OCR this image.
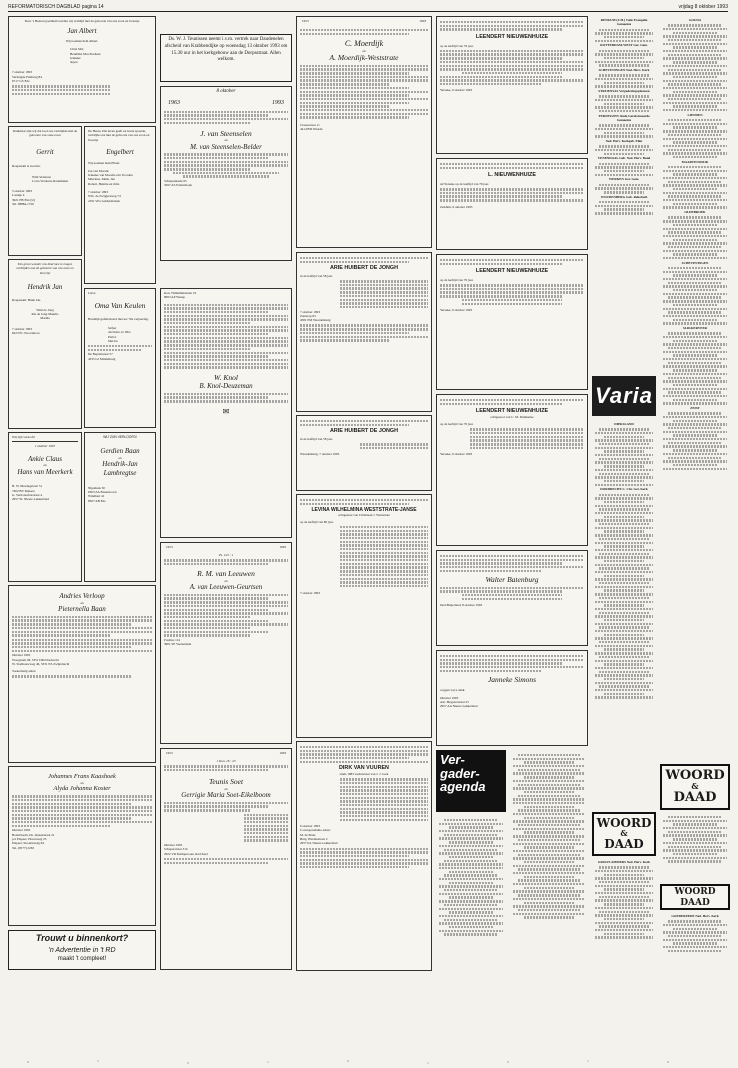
REFORMATORISCH DAGBLAD pagina 14	vrijdag 8 oktober 1993
Door 's Heeren goedheid werden wij verblijd met de geboorte van ons zoon en broertje
Jan Albert
Wij noemen hem Albert.
Chris Mol
Hendrika Mol-Poellees
Jenneke
Arjen
7 oktober 1993
Verlengde Fuldweg 84
6717 GS Ede
Dankbaar zijn wij dat God ons verblijdde met de geboorte van onze zoon
Gerrit
Roepnaam is Gerwin.
Wim Verdouw
Corra Verdouw-Rademaker
5 oktober 1993
Laantje 4
3921 EB Elst (U)
Tel. 08884-1726
Een groot wonder ons kind mee te mogen verblijden met de geboorte van ons zoon en broertje
Hendrik Jan
Roepnaam: Henk Jan.
Wim de Jong
Ria de Jong-Maurits
Martha
7 oktober 1993
6223 PC Noordeloos
Wij zijn verloofd
1 oktober 1993
Ankie Claus
en
Hans van Meerkerk
H. W. Mesdagstraat 51
7462 BV Rijssen
G. Verdonschotstraat 4
2957 SL Nieuw-Lekkerland
Andries Verloop
en
Pieternella Baan
Oktober 1993
Woogstam 28, 3351 DM Dordrecht
W. Stadhouwweg 46, 3331 EZ Zwijndrecht
Toekomstig adres:
Johannes Frans Kaashoek
en
Alyda Johanna Koster
Oktober 1993
Boterbloem, Ds. Jansenstraat 21
p/a Elspeet, Hoeveweg 23
Elspeet, Stroeërweeg 64
Tel. (0577) 2263
Trouwt u binnenkort?
'n Advertentie in 't RD
maakt 't compleet!
De Heere, Die leven geeft en leven spaarde, verblijde ons met de geboorte van ons zoon en broertje
Engelbert
Wij noemen hem Elbert.
Jan van Moorik
Jenneke van Moorik-van Voorden
Marrinus, Mark, Jan
Robert, Heintie en Julie
7 oktober 1993
Wtb. de Zwijgersweg 74
4191 WG Geldermalsen
Lieve
Oma Van Keulen
Hartelijk gefeliciteerd met uw 70e verjaardag.
Stefan
Jacobien en Wim
Pietra
Marion
De Baptistrenat 57
4335 GJ Middelburg
WIJ ZIJN VERLOOFD!
Gerdien Baan
en
Hendrik-Jan Lambregtse
Nijenhuis 30
6303 ZA Ennenzoord
Windhart 41
8307 AB Ens
Ds. W. J. Teunissen neemt i.v.m. vertrek naar Daudenelen afscheid van Krabbendijke op woensdag 13 oktober 1993 om 15.30 uur in het kerkgebouw aan de Dorpsstraat. Allen welkom.
8 oktober
1963	1993
J. van Steenselen
en
M. van Steenselen-Belder
Scherpenkade 65
3297 AS Puttershoek
Ken. Wilhelminalaan 19
8093 AP Wezep
W. Knol
B. Knol-Deuzeman
✉
1953	1993
Ps. 125 : 1
R. M. van Leeuwen
en
A. van Leeuwen-Geurtsen
Postbus 114
3901 SE Veenendaal
1953	1993
1 Kon. 16 : 23
Teunis Soet
en
Gerrigie Maria Soet-Eikelboom
Oktober 1993
Scheperstraat 31b
2922 VR Krimpen aan den IJssel
1953	1993
C. Moerdijk
en
A. Moerdijk-Weststrate
Classestraat 11
4414 BD Waarde
ARIE HUIBERT DE JONGH
in de leeftijd van 58 jaar.
7 oktober 1993
Zanstrap 63
4581 PM Waardenburg
ARIE HUIBERT DE JONGH
in de leeftijd van 58 jaar.
Waardenburg, 7 oktober 1993
LEVINA WILHELMINA WESTSTRATE-JANSE
echtgenote van Christiaan J. Weststrate
op de leeftijd van 80 jaar.
7 oktober 1993
DIRK VAN VUUREN
sinds 1983 weduwnaar van J. J. Gaal
6 oktober 1993
Correspondentie-adres:
M. de Bode
Burg. Hardenstraat 2
2957 KL Nieuw-Lekkerland
LEENDERT NIEUWENHUIZE
op de leeftijd van 76 jaar.
Yerseke, 6 oktober 1993
L. NIEUWENHUIZE
uit Yerseke op de leeftijd van 76 jaar.
Zeddam, 6 oktober 1993
LEENDERT NIEUWENHUIZE
op de leeftijd van 76 jaar.
Yerseke, 6 oktober 1993
LEENDERT NIEUWENHUIZE
echtgenoot van C. M. Duinkerke
op de leeftijd van 76 jaar.
Yerseke, 6 oktober 1993
Walter Batenburg
Oud-Beijerland, 8 oktober 1993
Janneke Simons
ooggen wij u dank.
Oktober 1993
Adr. Heypersstraat 25
2957 AA Nieuw-Lekkerland
Ver-
gader-
agenda
RENKUM (Z.H.) Volle Evangelie Gemeente
ROTTERDAM-WEST Ger. Gem.
SCHEVENINGEN Ned. Herv. Kerk
STRIJENSAS Vergaderingsplaatsen
TERNEUZEN Oude Gereformeerde Gemeente
Ned. Herv. Kerkgeb. Elim
VENENDAAL Geb. Ned. Herv. Bond
WERKEN Ger. Gem.
WOUDENBERG Geb. Rehoboth
Varia
DIEKSLAND
DORDRECHT-C. Chr. Ger. Kerk
WOORD
&
DAAD
GROOT-AMMERS Ned. Herv. Kerk
GOUDA
LIENDEN
MAARTENSDIJK
OLDEBROEK
SCHEVENINGEN
SLIKKERVEER
ZEIST
WOORD
&
DAAD
WOORD
DAAD
GOEDEREEDE Ned. Herv. Kerk
